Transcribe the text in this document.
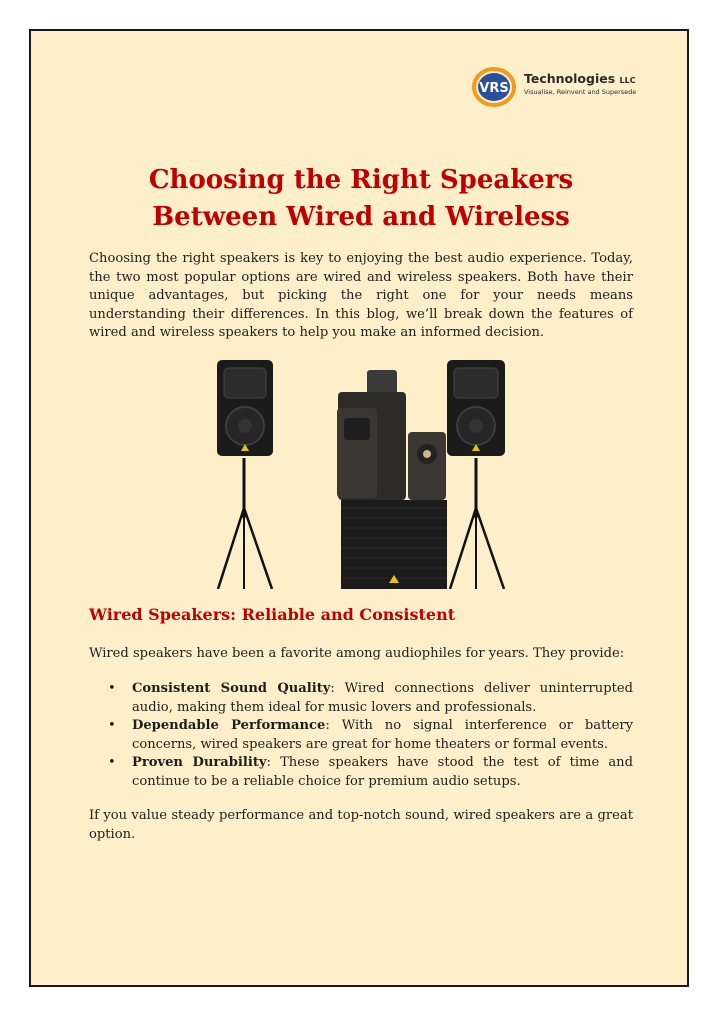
VRS
Technologies LLC
Visualise, Reinvent and Supersede
Choosing the Right Speakers Between Wired and Wireless

Choosing the right speakers is key to enjoying the best audio experience. Today, the two most popular options are wired and wireless speakers. Both have their unique advantages, but picking the right one for your needs means understanding their differences. In this blog, we’ll break down the features of wired and wireless speakers to help you make an informed decision.

Wired Speakers: Reliable and Consistent

Wired speakers have been a favorite among audiophiles for years. They provide:

• Consistent Sound Quality: Wired connections deliver uninterrupted audio, making them ideal for music lovers and professionals.
• Dependable Performance: With no signal interference or battery concerns, wired speakers are great for home theaters or formal events.
• Proven Durability: These speakers have stood the test of time and continue to be a reliable choice for premium audio setups.

If you value steady performance and top-notch sound, wired speakers are a great option.
